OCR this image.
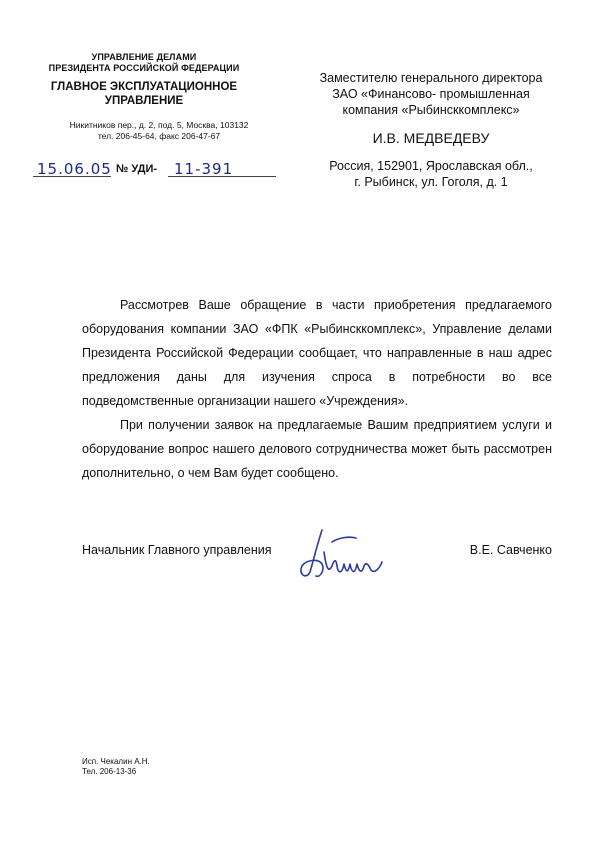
УПРАВЛЕНИЕ ДЕЛАМИ
ПРЕЗИДЕНТА РОССИЙСКОЙ ФЕДЕРАЦИИ
ГЛАВНОЕ ЭКСПЛУАТАЦИОННОЕ
УПРАВЛЕНИЕ
Никитников пер., д. 2, под. 5, Москва, 103132
тел. 206-45-64, факс 206-47-67
15.06.05 № УДИ- 11-391
Заместителю генерального директора
ЗАО «Финансово- промышленная
компания «Рыбинсккомплекс»
И.В. МЕДВЕДЕВУ
Россия, 152901, Ярославская обл.,
г. Рыбинск, ул. Гоголя, д. 1

Рассмотрев Ваше обращение в части приобретения предлагаемого оборудования компании ЗАО «ФПК «Рыбинсккомплекс», Управление делами Президента Российской Федерации сообщает, что направленные в наш адрес предложения даны для изучения спроса в потребности во все подведомственные организации нашего «Учреждения».

При получении заявок на предлагаемые Вашим предприятием услуги и оборудование вопрос нашего делового сотрудничества может быть рассмотрен дополнительно, о чем Вам будет сообщено.

Начальник Главного управления	В.Е. Савченко
Исп. Чекалин А.Н.
Тел. 206-13-36
